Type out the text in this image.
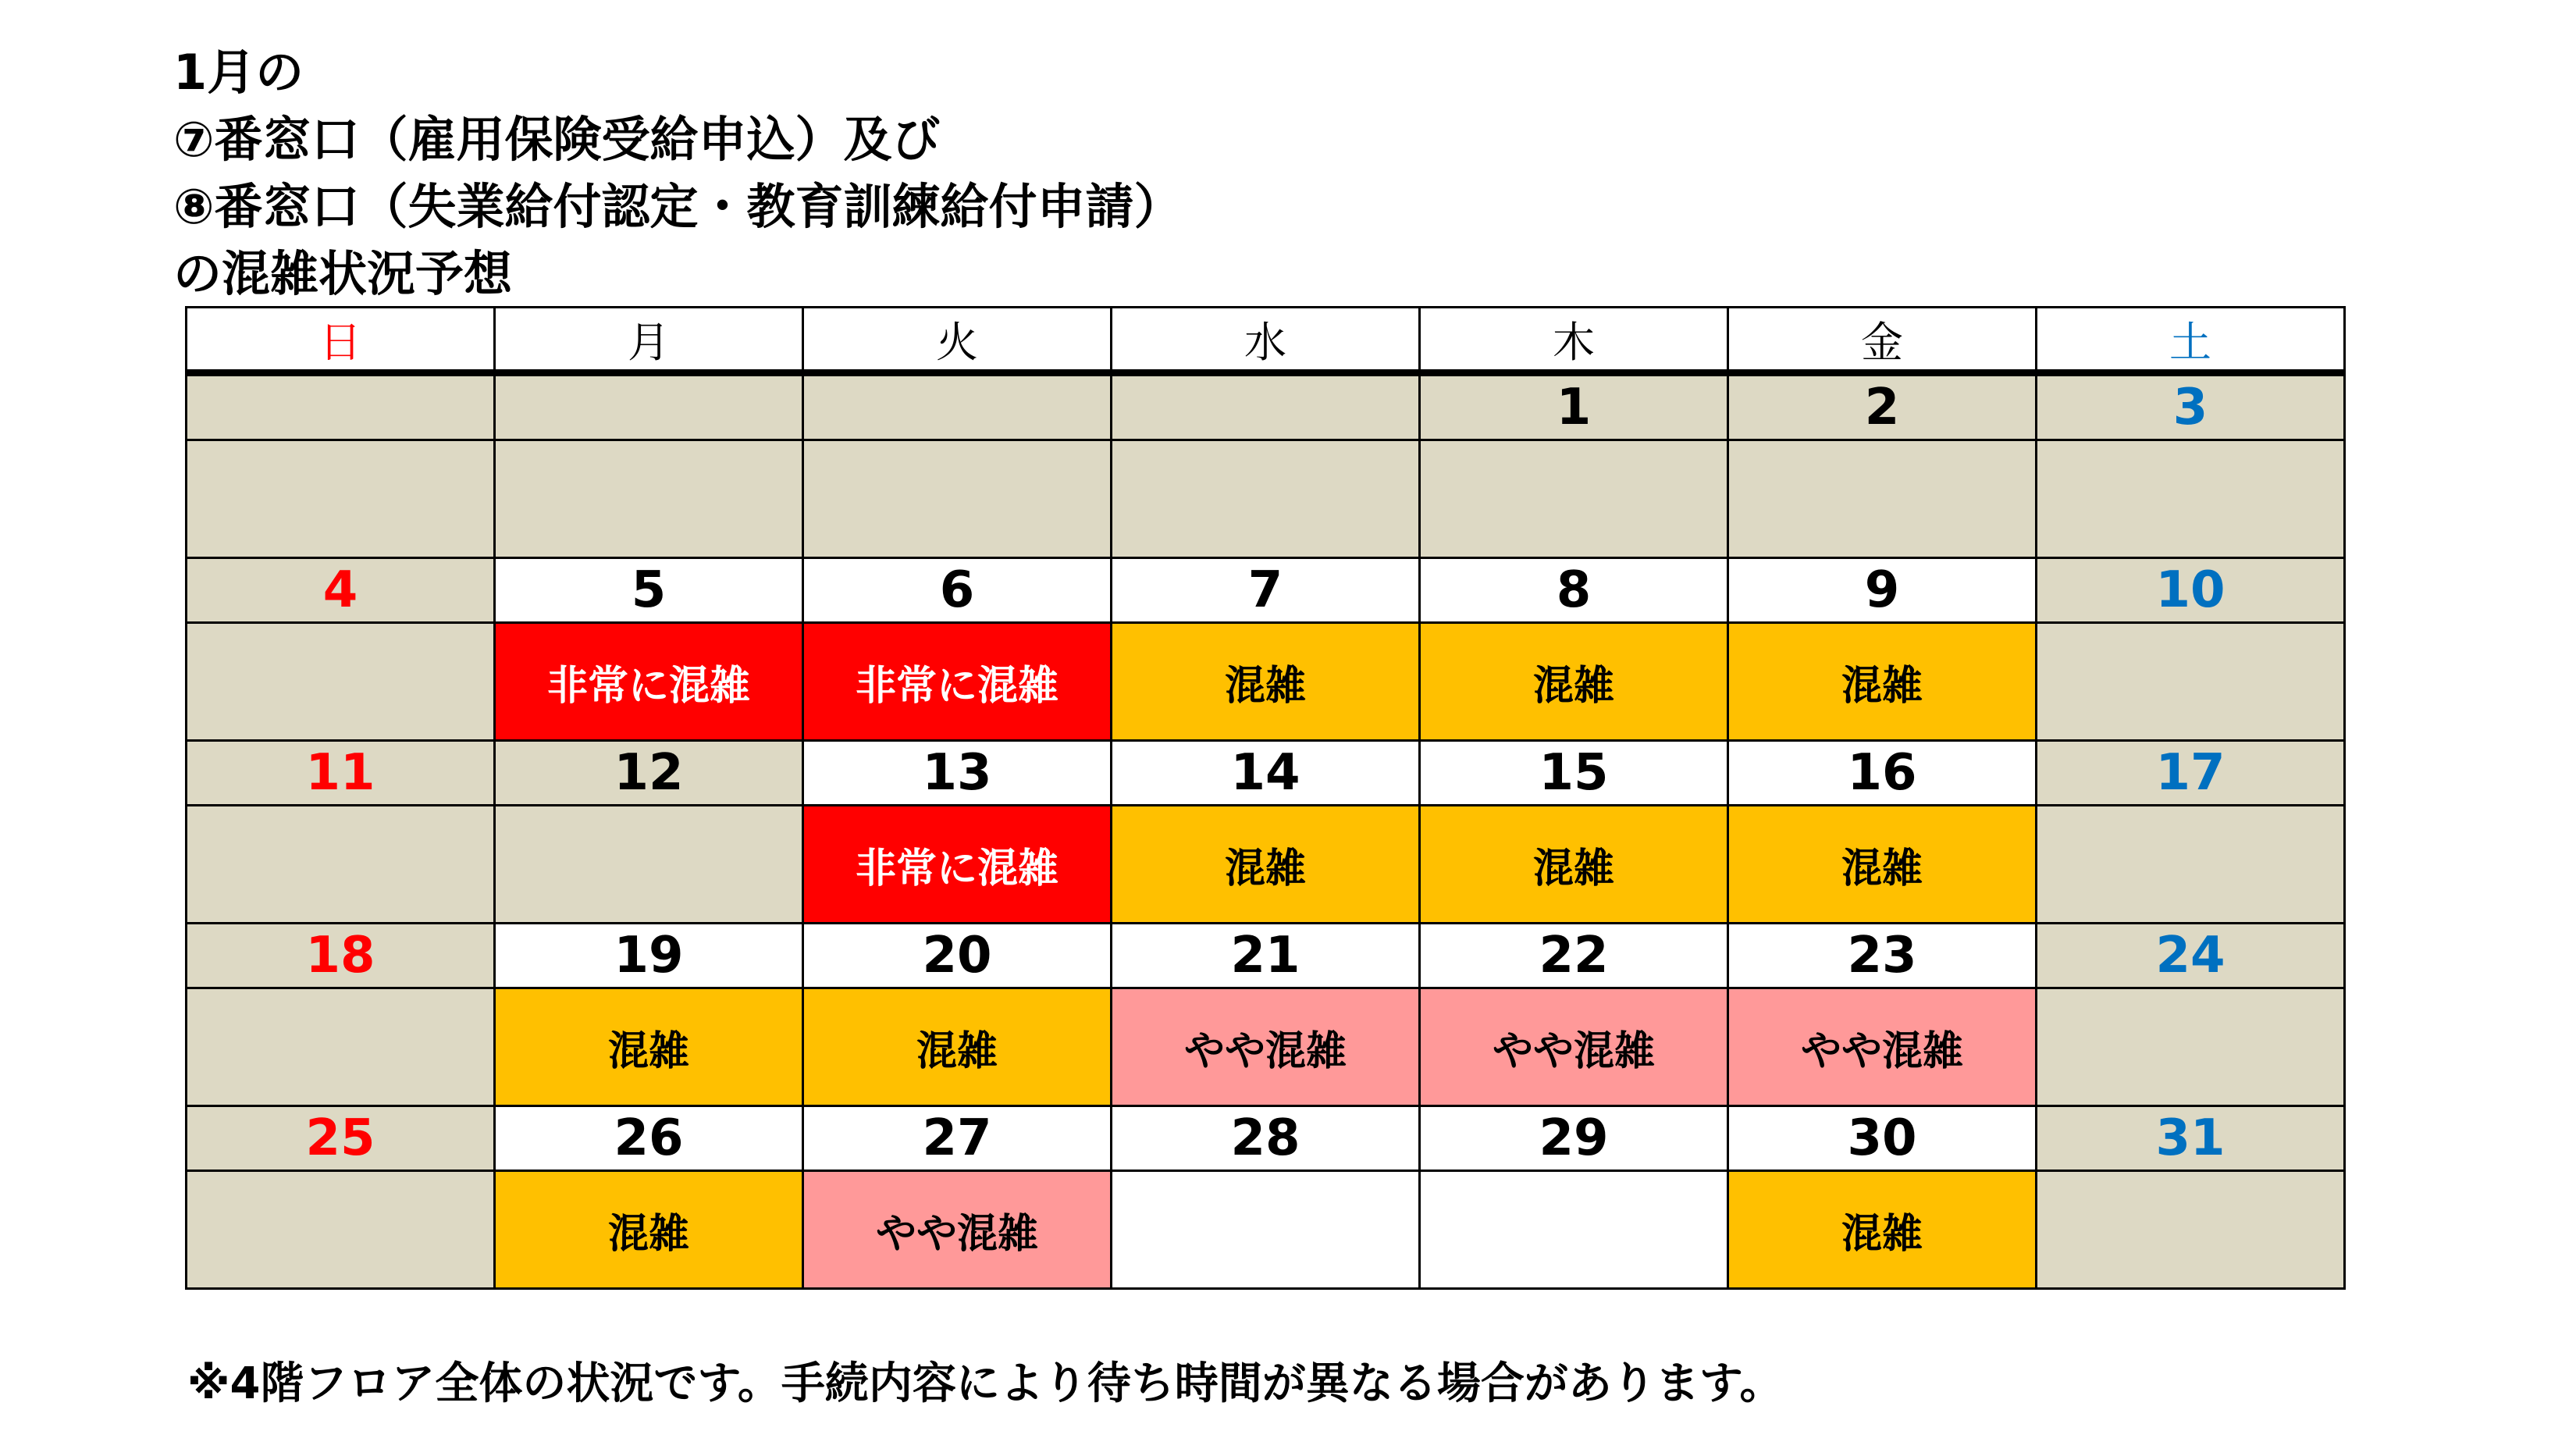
1月の
⑦番窓口（雇用保険受給申込）及び
⑧番窓口（失業給付認定・教育訓練給付申請）
の混雑状況予想
日	月	火	水	木	金	土
				1	2	3

4	5	6	7	8	9	10
	非常に混雑	非常に混雑	混雑	混雑	混雑	
11	12	13	14	15	16	17
		非常に混雑	混雑	混雑	混雑	
18	19	20	21	22	23	24
	混雑	混雑	やや混雑	やや混雑	やや混雑	
25	26	27	28	29	30	31
	混雑	やや混雑			混雑	
※4階フロア全体の状況です。手続内容により待ち時間が異なる場合があります。
